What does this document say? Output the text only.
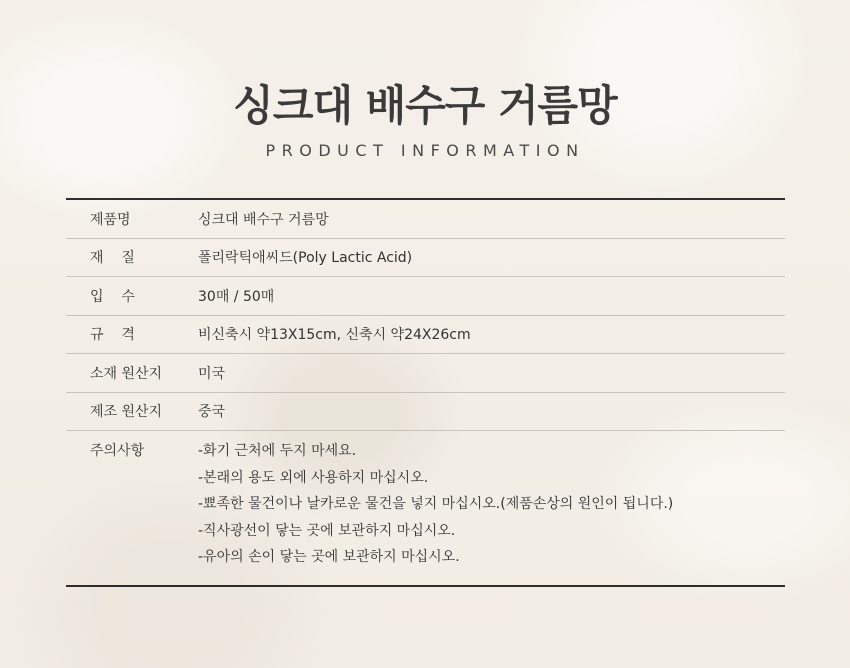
싱크대 배수구 거름망

PRODUCT INFORMATION

제품명	싱크대 배수구 거름망
재    질	폴리락틱애씨드(Poly Lactic Acid)
입    수	30매 / 50매
규    격	비신축시 약13X15cm, 신축시 약24X26cm
소재 원산지	미국
제조 원산지	중국
주의사항	-화기 근처에 두지 마세요.
-본래의 용도 외에 사용하지 마십시오.
-뾰족한 물건이나 날카로운 물건을 넣지 마십시오.(제품손상의 원인이 됩니다.)
-직사광선이 닿는 곳에 보관하지 마십시오.
-유아의 손이 닿는 곳에 보관하지 마십시오.
